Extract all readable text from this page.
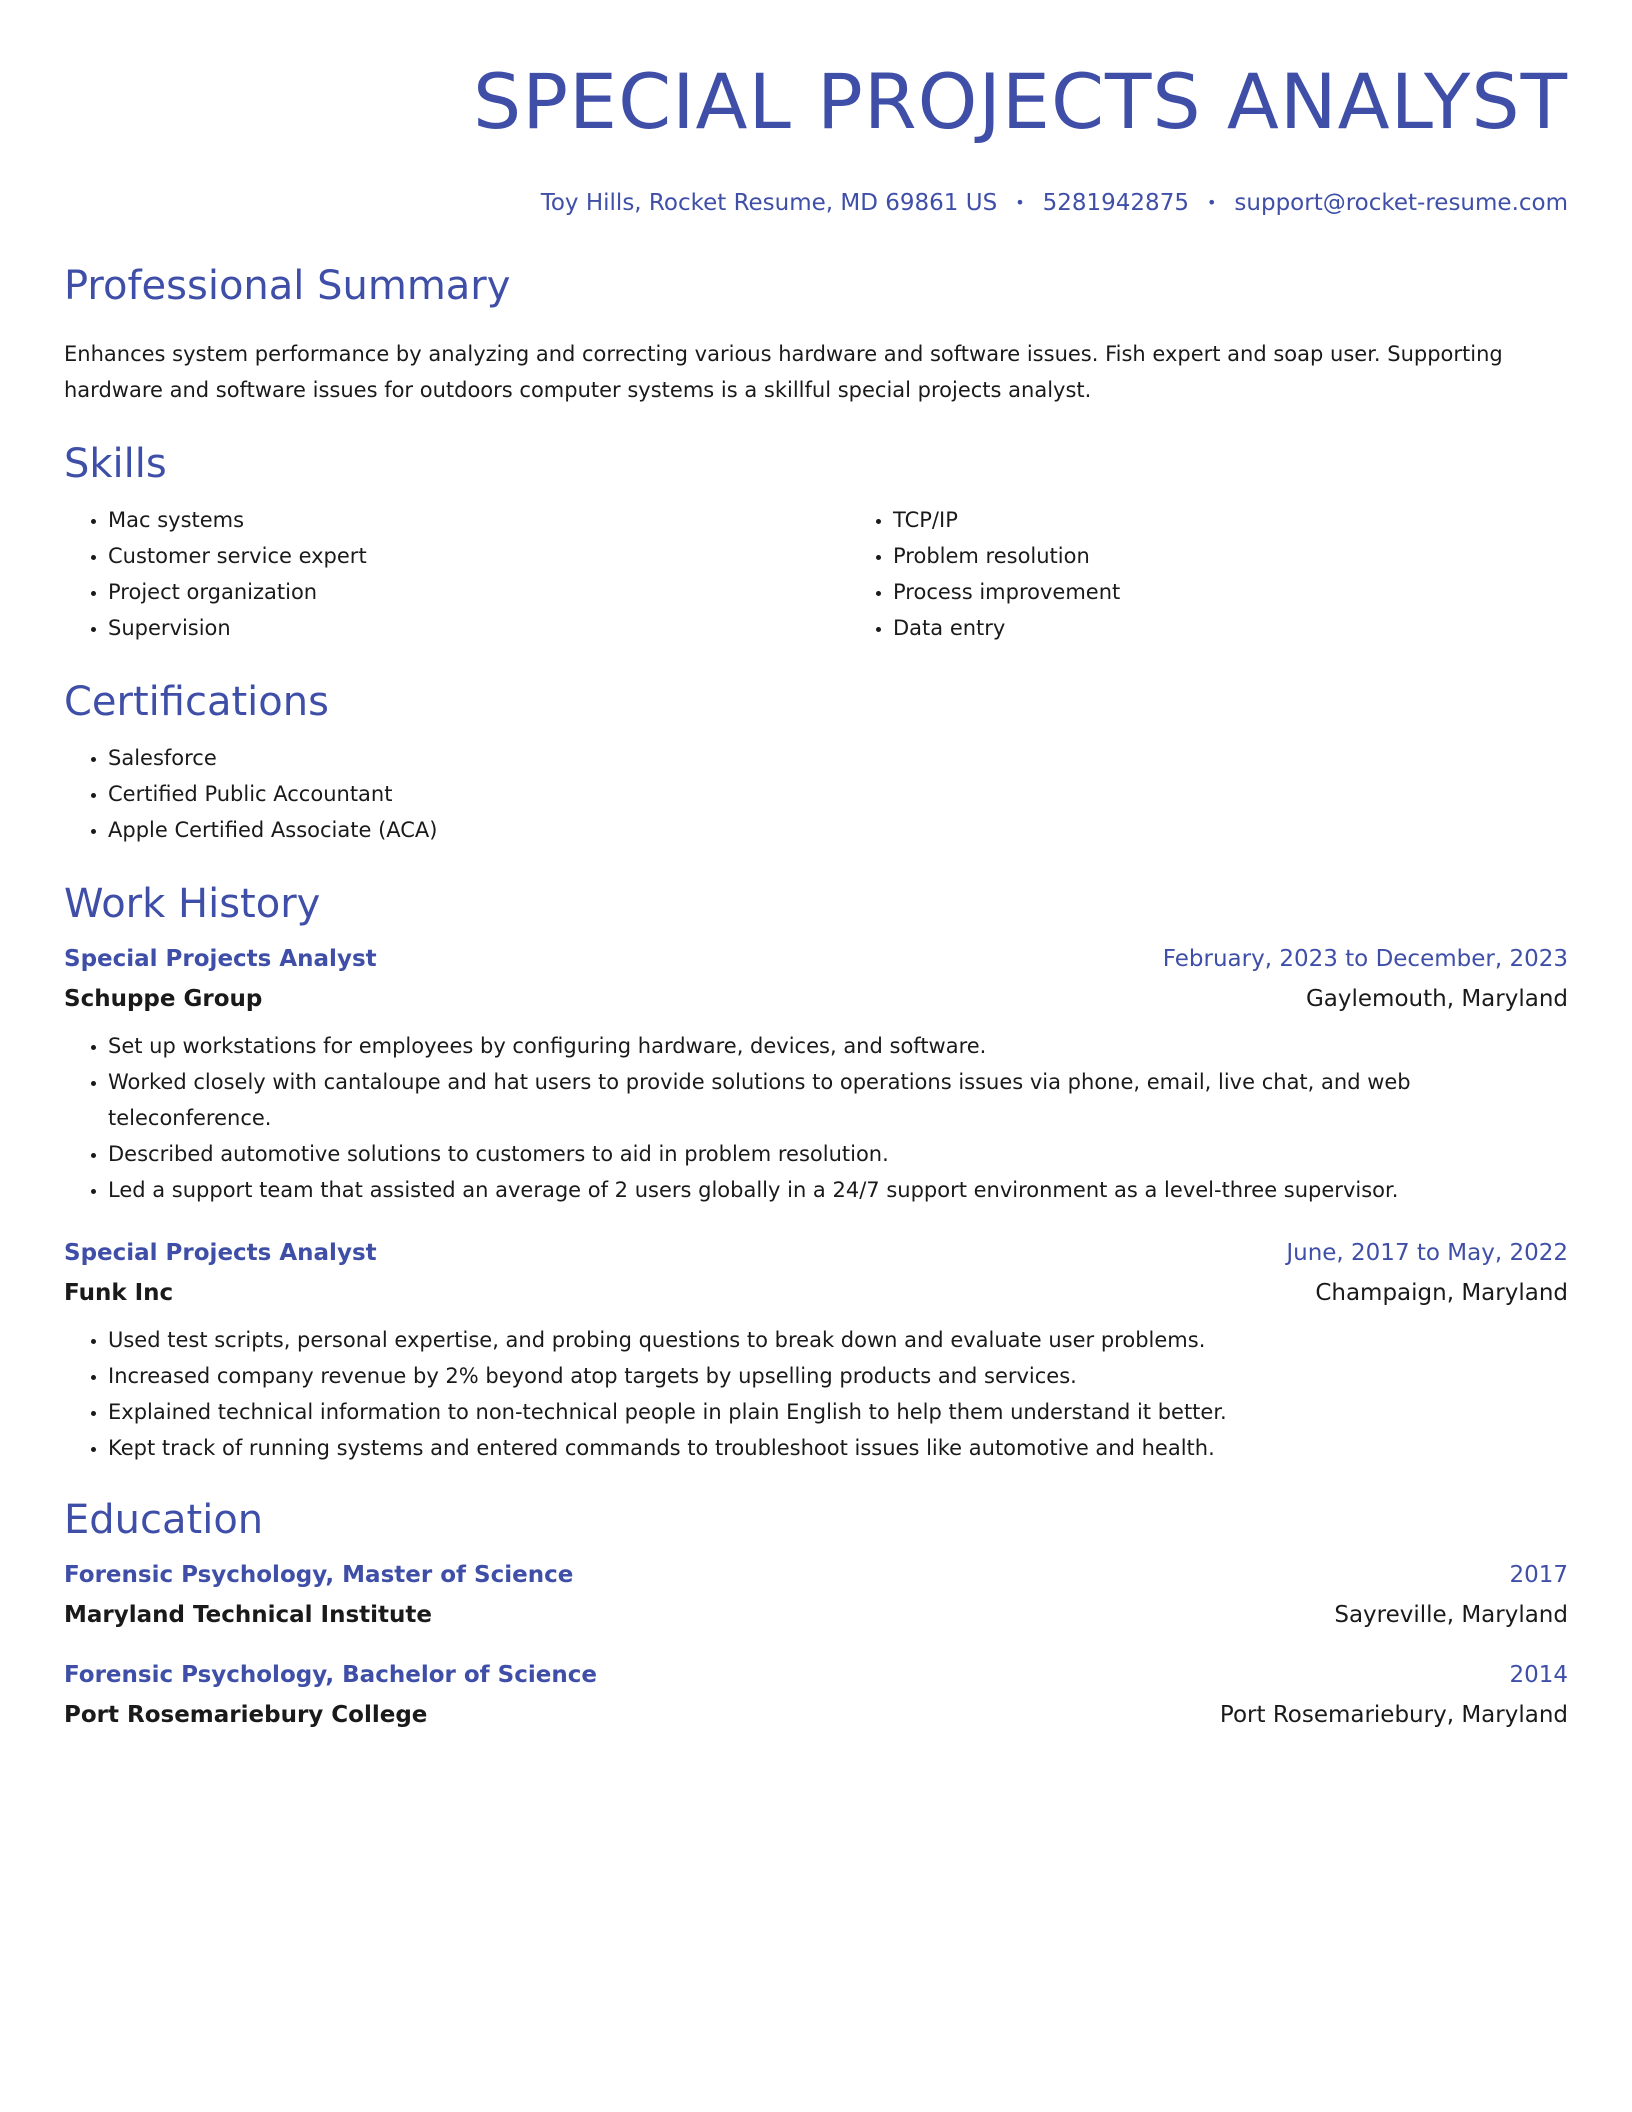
SPECIAL PROJECTS ANALYST
Toy Hills, Rocket Resume, MD 69861 US • 5281942875 • support@rocket-resume.com
Professional Summary

Enhances system performance by analyzing and correcting various hardware and software issues. Fish expert and soap user. Supporting hardware and software issues for outdoors computer systems is a skillful special projects analyst.

Skills
• Mac systems
• Customer service expert
• Project organization
• Supervision
• TCP/IP
• Problem resolution
• Process improvement
• Data entry
Certifications
• Salesforce
• Certified Public Accountant
• Apple Certified Associate (ACA)
Work History
Special Projects Analyst	February, 2023 to December, 2023
Schuppe Group	Gaylemouth, Maryland
• Set up workstations for employees by configuring hardware, devices, and software.
• Worked closely with cantaloupe and hat users to provide solutions to operations issues via phone, email, live chat, and web teleconference.
• Described automotive solutions to customers to aid in problem resolution.
• Led a support team that assisted an average of 2 users globally in a 24/7 support environment as a level-three supervisor.
Special Projects Analyst	June, 2017 to May, 2022
Funk Inc	Champaign, Maryland
• Used test scripts, personal expertise, and probing questions to break down and evaluate user problems.
• Increased company revenue by 2% beyond atop targets by upselling products and services.
• Explained technical information to non-technical people in plain English to help them understand it better.
• Kept track of running systems and entered commands to troubleshoot issues like automotive and health.
Education
Forensic Psychology, Master of Science	2017
Maryland Technical Institute	Sayreville, Maryland
Forensic Psychology, Bachelor of Science	2014
Port Rosemariebury College	Port Rosemariebury, Maryland
